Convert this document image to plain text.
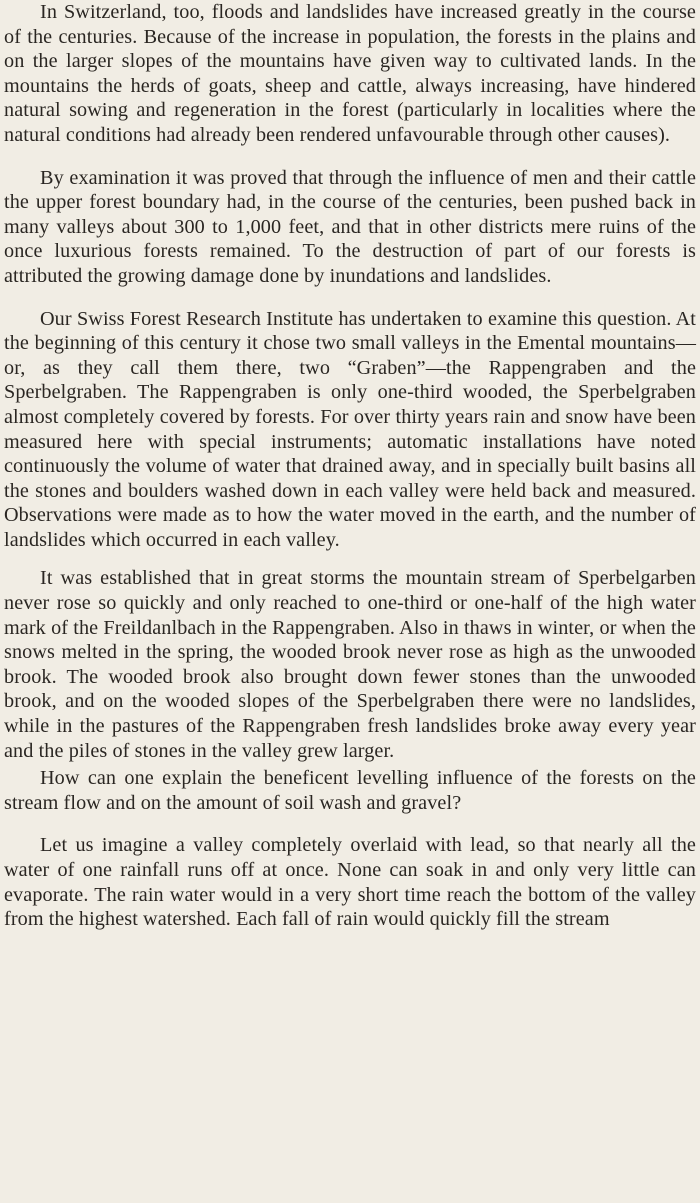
In Switzerland, too, floods and landslides have increased greatly in the course of the centuries. Because of the increase in population, the forests in the plains and on the larger slopes of the mountains have given way to cultivated lands. In the mountains the herds of goats, sheep and cattle, always increasing, have hindered natural sowing and regeneration in the forest (particularly in localities where the natural conditions had already been rendered unfavourable through other causes).

By examination it was proved that through the influence of men and their cattle the upper forest boundary had, in the course of the centuries, been pushed back in many valleys about 300 to 1,000 feet, and that in other districts mere ruins of the once luxurious forests remained. To the destruction of part of our forests is attributed the growing damage done by inundations and landslides.

Our Swiss Forest Research Institute has undertaken to examine this question. At the beginning of this century it chose two small valleys in the Emental mountains—or, as they call them there, two “Graben”—the Rappengraben and the Sperbelgraben. The Rappengraben is only one-third wooded, the Sperbelgraben almost completely covered by forests. For over thirty years rain and snow have been measured here with special instruments; automatic installations have noted continuously the volume of water that drained away, and in specially built basins all the stones and boulders washed down in each valley were held back and measured. Observations were made as to how the water moved in the earth, and the number of landslides which occurred in each valley.

It was established that in great storms the mountain stream of Sperbelgarben never rose so quickly and only reached to one-third or one-half of the high water mark of the Freildanlbach in the Rappengraben. Also in thaws in winter, or when the snows melted in the spring, the wooded brook never rose as high as the unwooded brook. The wooded brook also brought down fewer stones than the unwooded brook, and on the wooded slopes of the Sperbelgraben there were no landslides, while in the pastures of the Rappengraben fresh landslides broke away every year and the piles of stones in the valley grew larger.

How can one explain the beneficent levelling influence of the forests on the stream flow and on the amount of soil wash and gravel?

Let us imagine a valley completely overlaid with lead, so that nearly all the water of one rainfall runs off at once. None can soak in and only very little can evaporate. The rain water would in a very short time reach the bottom of the valley from the highest watershed. Each fall of rain would quickly fill the stream
